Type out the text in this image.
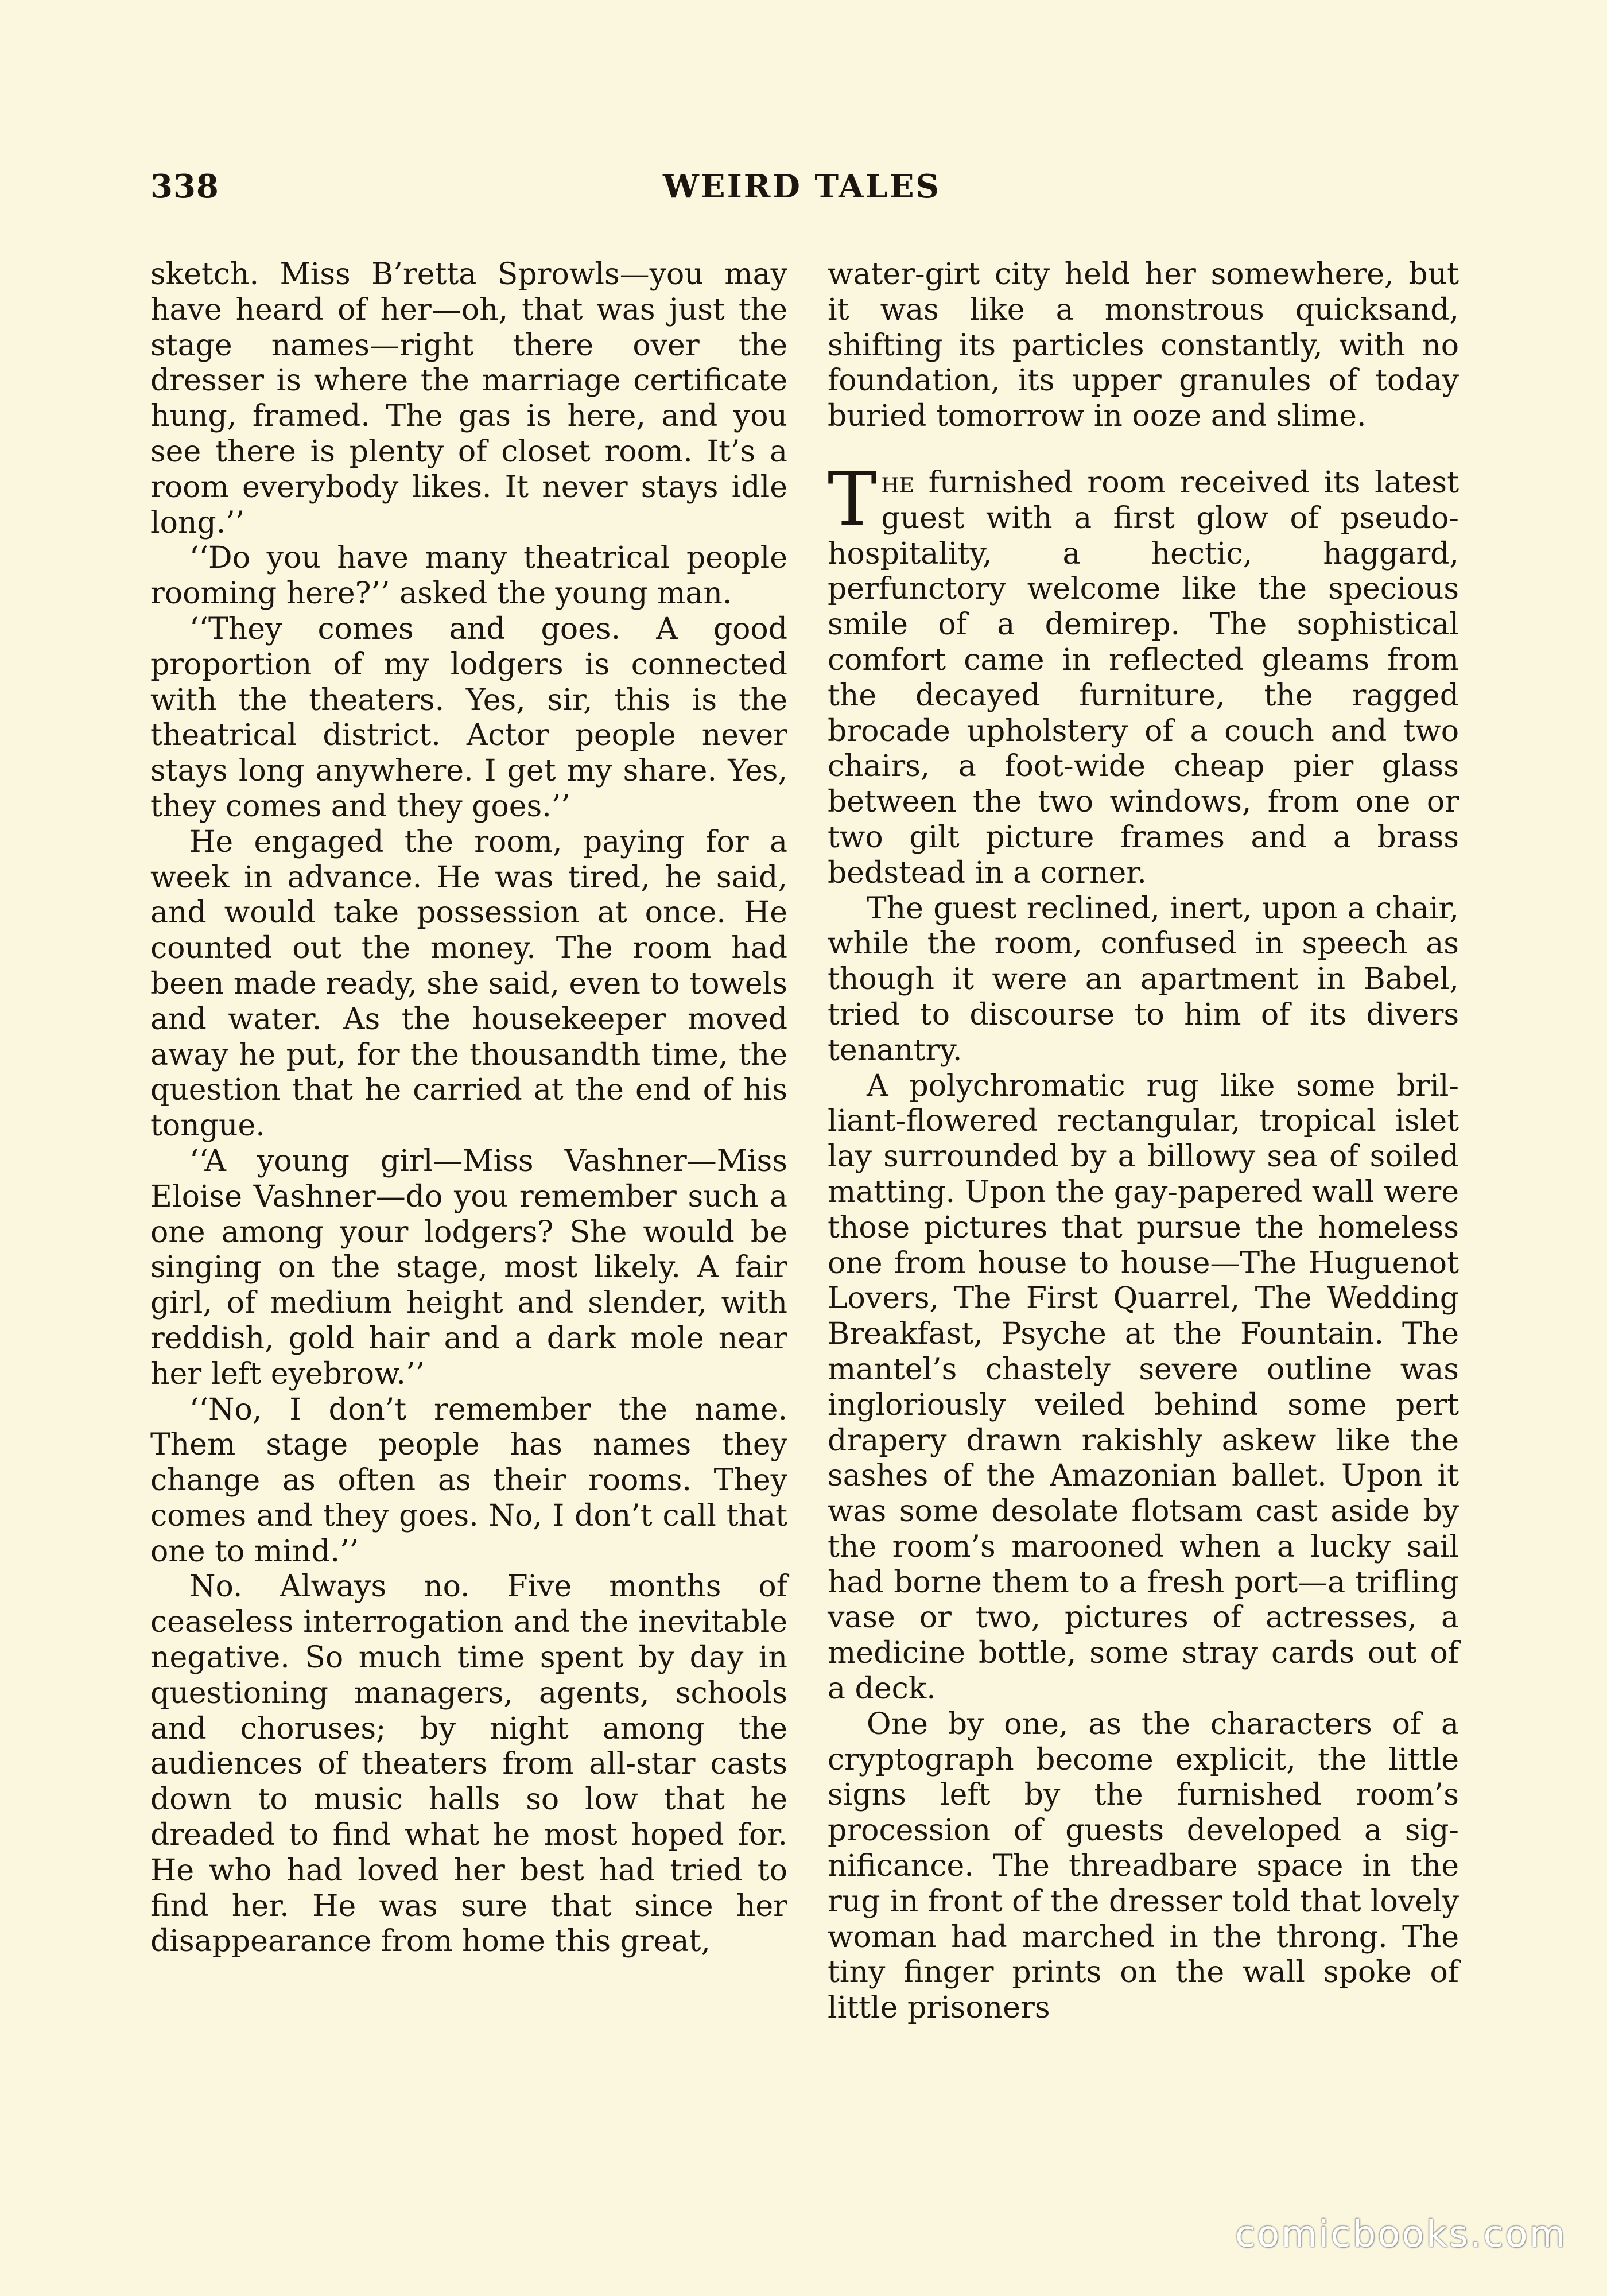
338	WEIRD TALES

sketch. Miss B’retta Sprowls—you may have heard of her—oh, that was just the stage names—right there over the dresser is where the marriage certificate hung, framed. The gas is here, and you see there is plenty of closet room. It’s a room everybody likes. It never stays idle long.’’

‘‘Do you have many theatrical people rooming here?’’ asked the young man.

‘‘They comes and goes. A good proportion of my lodgers is connected with the theaters. Yes, sir, this is the theatrical district. Actor people never stays long anywhere. I get my share. Yes, they comes and they goes.’’

He engaged the room, paying for a week in advance. He was tired, he said, and would take possession at once. He counted out the money. The room had been made ready, she said, even to towels and water. As the housekeeper moved away he put, for the thousandth time, the question that he carried at the end of his tongue.

‘‘A young girl—Miss Vashner—Miss Eloise Vashner—do you remember such a one among your lodgers? She would be singing on the stage, most likely. A fair girl, of medium height and slender, with reddish, gold hair and a dark mole near her left eyebrow.’’

‘‘No, I don’t remember the name. Them stage people has names they change as often as their rooms. They comes and they goes. No, I don’t call that one to mind.’’

No. Always no. Five months of ceaseless interrogation and the inevitable negative. So much time spent by day in questioning managers, agents, schools and choruses; by night among the audiences of theaters from all-star casts down to music halls so low that he dreaded to find what he most hoped for. He who had loved her best had tried to find her. He was sure that since her disappearance from home this great,

water-girt city held her somewhere, but it was like a monstrous quicksand, shifting its particles constantly, with no foundation, its upper granules of today buried tomorrow in ooze and slime.

The furnished room received its latest guest with a first glow of pseudo-hospitality, a hectic, haggard, perfunctory welcome like the specious smile of a demirep. The sophistical comfort came in reflected gleams from the decayed furniture, the ragged brocade upholstery of a couch and two chairs, a foot-wide cheap pier glass between the two windows, from one or two gilt picture frames and a brass bedstead in a corner.

The guest reclined, inert, upon a chair, while the room, confused in speech as though it were an apartment in Babel, tried to discourse to him of its divers tenantry.

A polychromatic rug like some brilliant-flowered rectangular, tropical islet lay surrounded by a billowy sea of soiled matting. Upon the gay-papered wall were those pictures that pursue the homeless one from house to house—The Huguenot Lovers, The First Quarrel, The Wedding Breakfast, Psyche at the Fountain. The mantel’s chastely severe outline was ingloriously veiled behind some pert drapery drawn rakishly askew like the sashes of the Amazonian ballet. Upon it was some desolate flotsam cast aside by the room’s marooned when a lucky sail had borne them to a fresh port—a trifling vase or two, pictures of actresses, a medicine bottle, some stray cards out of a deck.

One by one, as the characters of a cryptograph become explicit, the little signs left by the furnished room’s procession of guests developed a significance. The threadbare space in the rug in front of the dresser told that lovely woman had marched in the throng. The tiny finger prints on the wall spoke of little prisoners

comicbooks.com
